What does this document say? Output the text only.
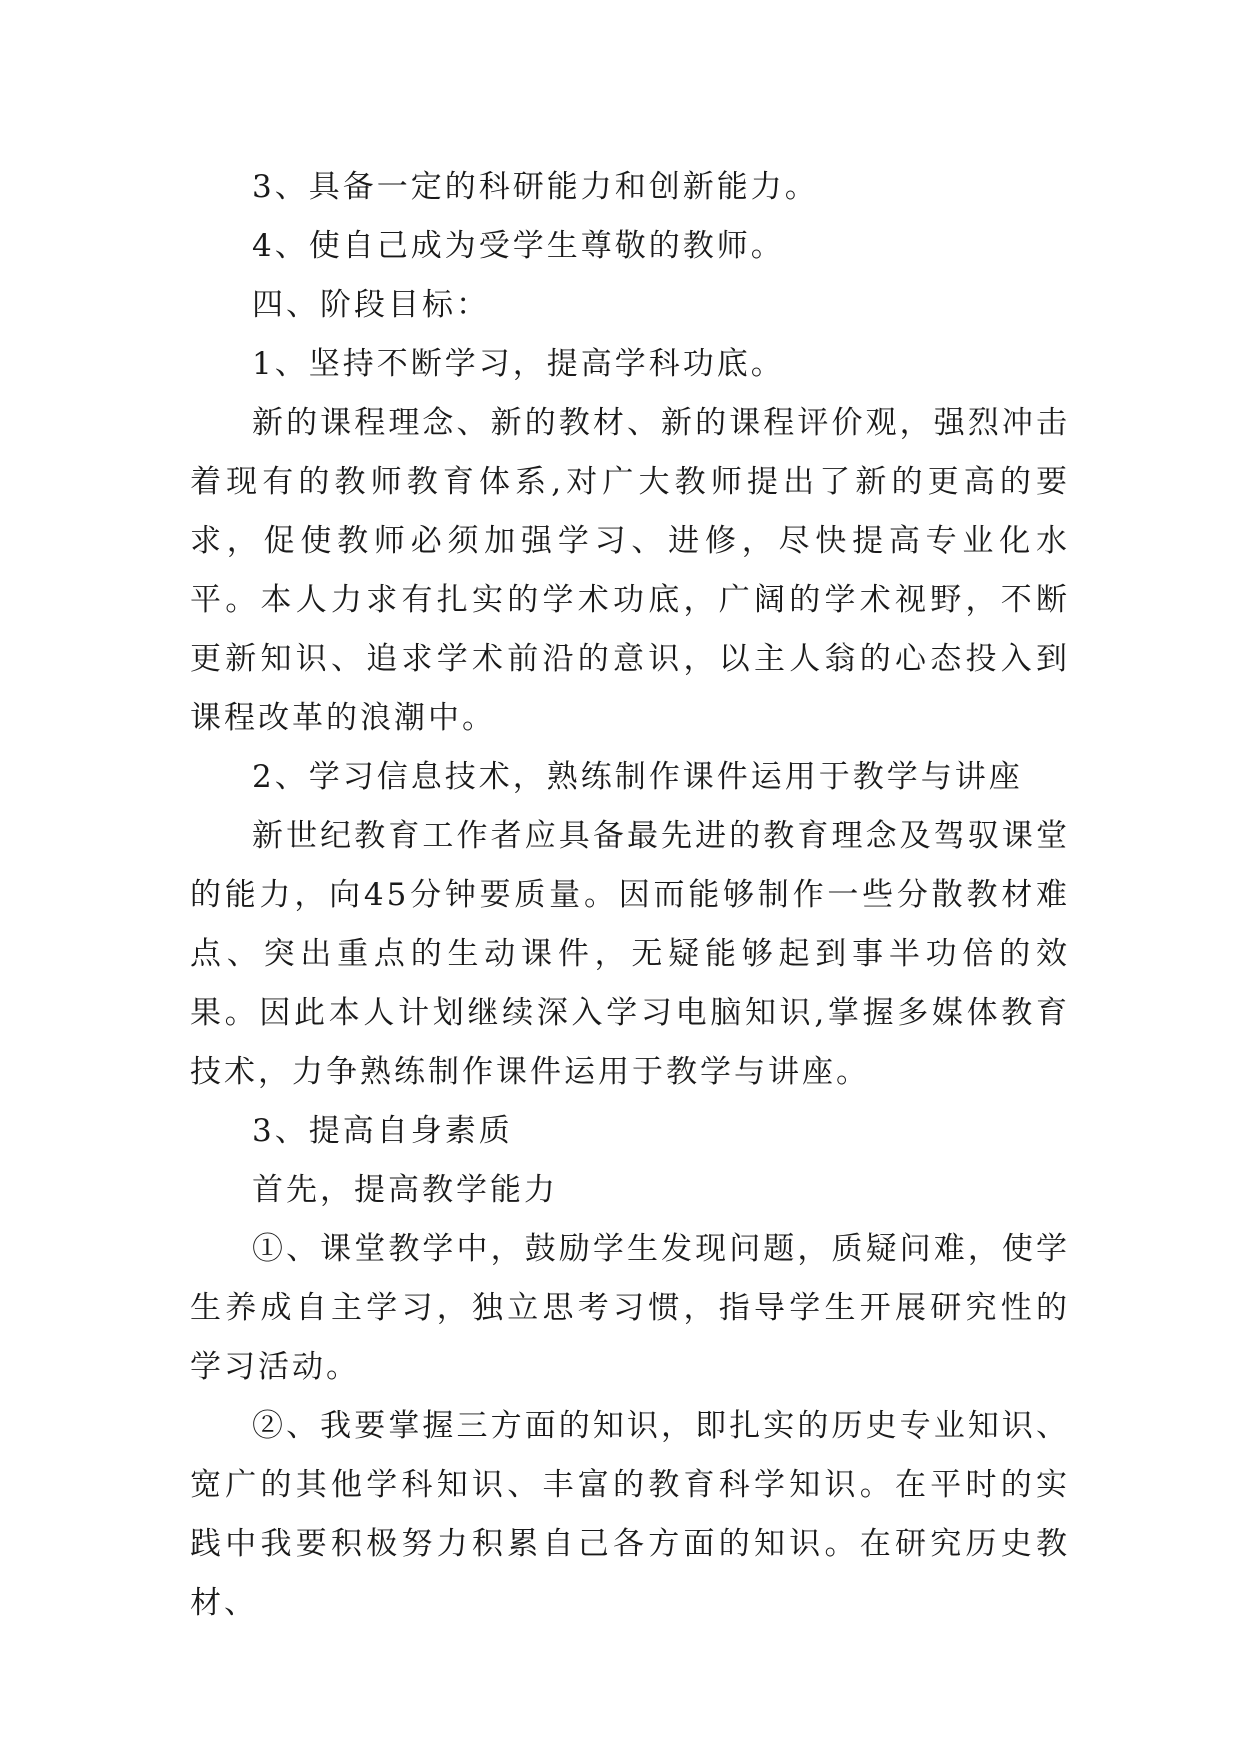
3、具备一定的科研能力和创新能力。

4、使自己成为受学生尊敬的教师。

四、阶段目标：

1、坚持不断学习，提高学科功底。

新的课程理念、新的教材、新的课程评价观，强烈冲击着现有的教师教育体系,对广大教师提出了新的更高的要求，促使教师必须加强学习、进修，尽快提高专业化水平。本人力求有扎实的学术功底，广阔的学术视野，不断更新知识、追求学术前沿的意识，以主人翁的心态投入到课程改革的浪潮中。

2、学习信息技术，熟练制作课件运用于教学与讲座

新世纪教育工作者应具备最先进的教育理念及驾驭课堂的能力，向45分钟要质量。因而能够制作一些分散教材难点、突出重点的生动课件，无疑能够起到事半功倍的效果。因此本人计划继续深入学习电脑知识,掌握多媒体教育技术，力争熟练制作课件运用于教学与讲座。

3、提高自身素质

首先，提高教学能力

①、课堂教学中，鼓励学生发现问题，质疑问难，使学生养成自主学习，独立思考习惯，指导学生开展研究性的学习活动。

②、我要掌握三方面的知识，即扎实的历史专业知识、宽广的其他学科知识、丰富的教育科学知识。在平时的实践中我要积极努力积累自己各方面的知识。在研究历史教材、
